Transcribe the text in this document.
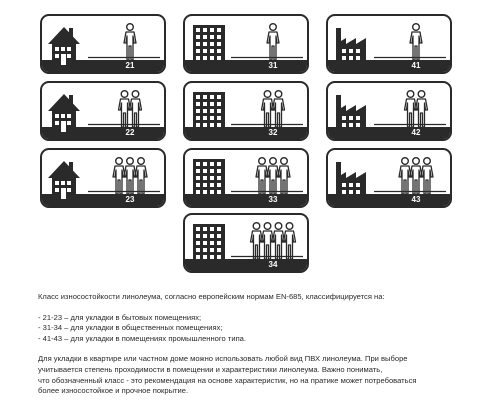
21	31	41
22	32	42
23	33	43
34

Класс износостойкости линолеума, согласно европейским нормам EN-685, классифицируется на:

- 21-23 – для укладки в бытовых помещениях;

- 31-34 – для укладки в общественных помещениях;

- 41-43 – для укладки в помещениях промышленного типа.

Для укладки в квартире или частном доме можно использовать любой вид ПВХ линолеума. При выборе

учитывается степень проходимости в помещении и характеристики линолеума. Важно понимать,

что обозначенный класс - это рекомендация на основе характеристик, но на пратике может потребоваться

более износостойкое и прочное покрытие.
